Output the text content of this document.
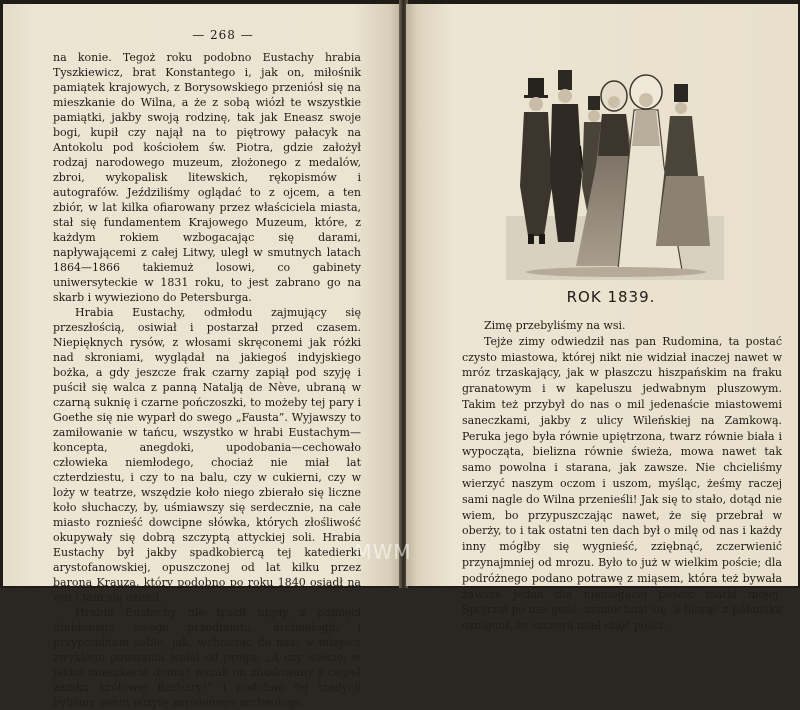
— 268 —

na konie. Tegoż roku podobno Eustachy hrabia Tyszkiewicz, brat Konstantego i, jak on, miłośnik pamiątek krajowych, z Borysowskiego przeniósł się na mieszkanie do Wilna, a że z sobą wiózł te wszystkie pamiątki, jakby swoją rodzinę, tak jak Eneasz swoje bogi, kupił czy najął na to piętrowy pałacyk na Antokolu pod kościołem św. Piotra, gdzie założył rodzaj narodowego muzeum, złożonego z medalów, zbroi, wykopalisk litewskich, rękopismów i autografów. Jeździliśmy oglądać to z ojcem, a ten zbiór, w lat kilka ofiarowany przez właściciela miasta, stał się fundamentem Krajowego Muzeum, które, z każdym rokiem wzbogacając się darami, napływającemi z całej Litwy, uległ w smutnych latach 1864—1866 takiemuż losowi, co gabinety uniwersyteckie w 1831 roku, to jest zabrano go na skarb i wywieziono do Petersburga.

Hrabia Eustachy, odmłodu zajmujący się przeszłością, osiwiał i postarzał przed czasem. Niepięknych rysów, z włosami skręconemi jak różki nad skroniami, wyglądał na jakiegoś indyjskiego bożka, a gdy jeszcze frak czarny zapiął pod szyję i puścił się walca z panną Natalją de Nève, ubraną w czarną suknię i czarne pończoszki, to możeby tej pary i Goethe się nie wyparł do swego „Fausta”. Wyjawszy to zamiłowanie w tańcu, wszystko w hrabi Eustachym—koncepta, anegdoki, upodobania—cechowało człowieka niemłodego, chociaż nie miał lat czterdziestu, i czy to na balu, czy w cukierni, czy w loży w teatrze, wszędzie koło niego zbierało się liczne koło słuchaczy, by, uśmiawszy się serdecznie, na całe miasto roznieść dowcipne słówka, których złośliwość okupywały się dobrą szczyptą attyckiej soli. Hrabia Eustachy był jakby spadkobiercą tej katedierki arystofanowskiej, opuszczonej od lat kilku przez barona Krauza, który podobno po roku 1840 osiadł na wsi i tam się ożenił.

Hrabia Eustachy nie tracił nigdy z pamięci ulubionego swego przedmiotu, archeologji, i przypominam sobie, jak, wchodząc do nas, w miejsce zwykłego powitania wołał od progu: „A czy wiecie, w jakim mieszkacie domu? wszak on zbudowany z cegieł zamku królowej Barbary!” I podobno tej tradycji byliśmy winni wizytę zapalonego archeologa.

ROK 1839.

Zimę przebyliśmy na wsi.

Tejże zimy odwiedził nas pan Rudomina, ta postać czysto miastowa, której nikt nie widział inaczej nawet w mróz trzaskający, jak w płaszczu hiszpańskim na fraku granatowym i w kapeluszu jedwabnym pluszowym. Takim też przybył do nas o mil jedenaście miastowemi saneczkami, jakby z ulicy Wileńskiej na Zamkową. Peruka jego była równie upiętrzona, twarz równie biała i wypocząta, bielizna równie świeża, mowa nawet tak samo powolna i starana, jak zawsze. Nie chcieliśmy wierzyć naszym oczom i uszom, myśląc, żeśmy raczej sami nagle do Wilna przenieśli! Jak się to stało, dotąd nie wiem, bo przypuszczając nawet, że się przebrał w oberży, to i tak ostatni ten dach był o milę od nas i każdy inny mógłby się wygnieść, zziębnąć, zczerwienić przynajmniej od mrozu. Było to już w wielkim poście; dla podróżnego podano potrawę z miąsem, która też bywała zawsze jedna dla niemogącej pościć matki mojej. Spojrzał po nas gość, uśmiechnął się, a biorąc z półmiska oznajmił, że szczerą miał chęć pości-

MWM
